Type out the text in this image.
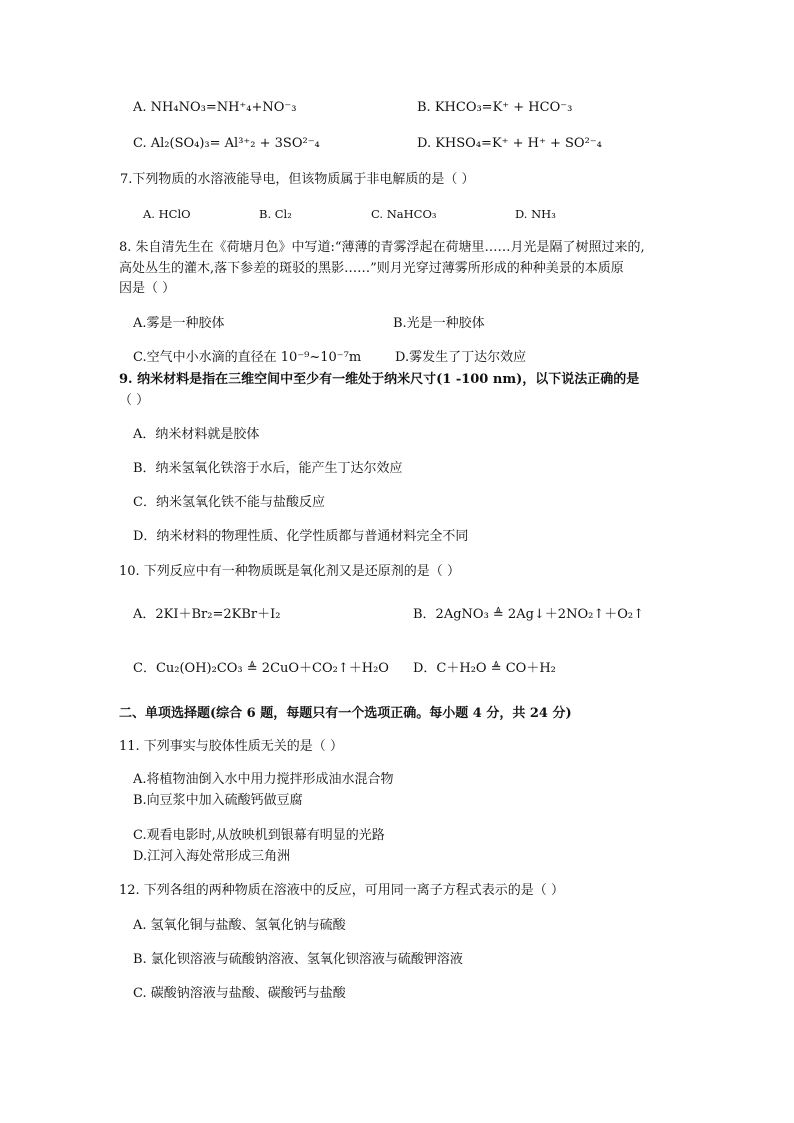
A. NH₄NO₃=NH⁺₄+NO⁻₃	B. KHCO₃=K⁺ + HCO⁻₃
C. Al₂(SO₄)₃= Al³⁺₂ + 3SO²⁻₄	D. KHSO₄=K⁺ + H⁺ + SO²⁻₄
7.下列物质的水溶液能导电，但该物质属于非电解质的是（ ）
A. HClO	B. Cl₂	C. NaHCO₃	D. NH₃
8. 朱自清先生在《荷塘月色》中写道:“薄薄的青雾浮起在荷塘里……月光是隔了树照过来的,
高处丛生的灌木,落下参差的斑驳的黑影……”则月光穿过薄雾所形成的种种美景的本质原
因是（ ）
A.雾是一种胶体	B.光是一种胶体
C.空气中小水滴的直径在 10⁻⁹~10⁻⁷m	D.雾发生了丁达尔效应
9. 纳米材料是指在三维空间中至少有一维处于纳米尺寸(1 -100 nm)，以下说法正确的是
（ ）
A．纳米材料就是胶体
B．纳米氢氧化铁溶于水后，能产生丁达尔效应
C．纳米氢氧化铁不能与盐酸反应
D．纳米材料的物理性质、化学性质都与普通材料完全不同
10. 下列反应中有一种物质既是氧化剂又是还原剂的是（ ）
A．2KI＋Br₂=2KBr＋I₂	B．2AgNO₃ ≜ 2Ag↓＋2NO₂↑＋O₂↑
C．Cu₂(OH)₂CO₃ ≜ 2CuO＋CO₂↑＋H₂O D．C＋H₂O ≜ CO＋H₂
二、单项选择题(综合 6 题，每题只有一个选项正确。每小题 4 分，共 24 分)
11. 下列事实与胶体性质无关的是（ ）
A.将植物油倒入水中用力搅拌形成油水混合物
B.向豆浆中加入硫酸钙做豆腐
C.观看电影时,从放映机到银幕有明显的光路
D.江河入海处常形成三角洲
12. 下列各组的两种物质在溶液中的反应，可用同一离子方程式表示的是（ ）
A. 氢氧化铜与盐酸、氢氧化钠与硫酸
B. 氯化钡溶液与硫酸钠溶液、氢氧化钡溶液与硫酸钾溶液
C. 碳酸钠溶液与盐酸、碳酸钙与盐酸
